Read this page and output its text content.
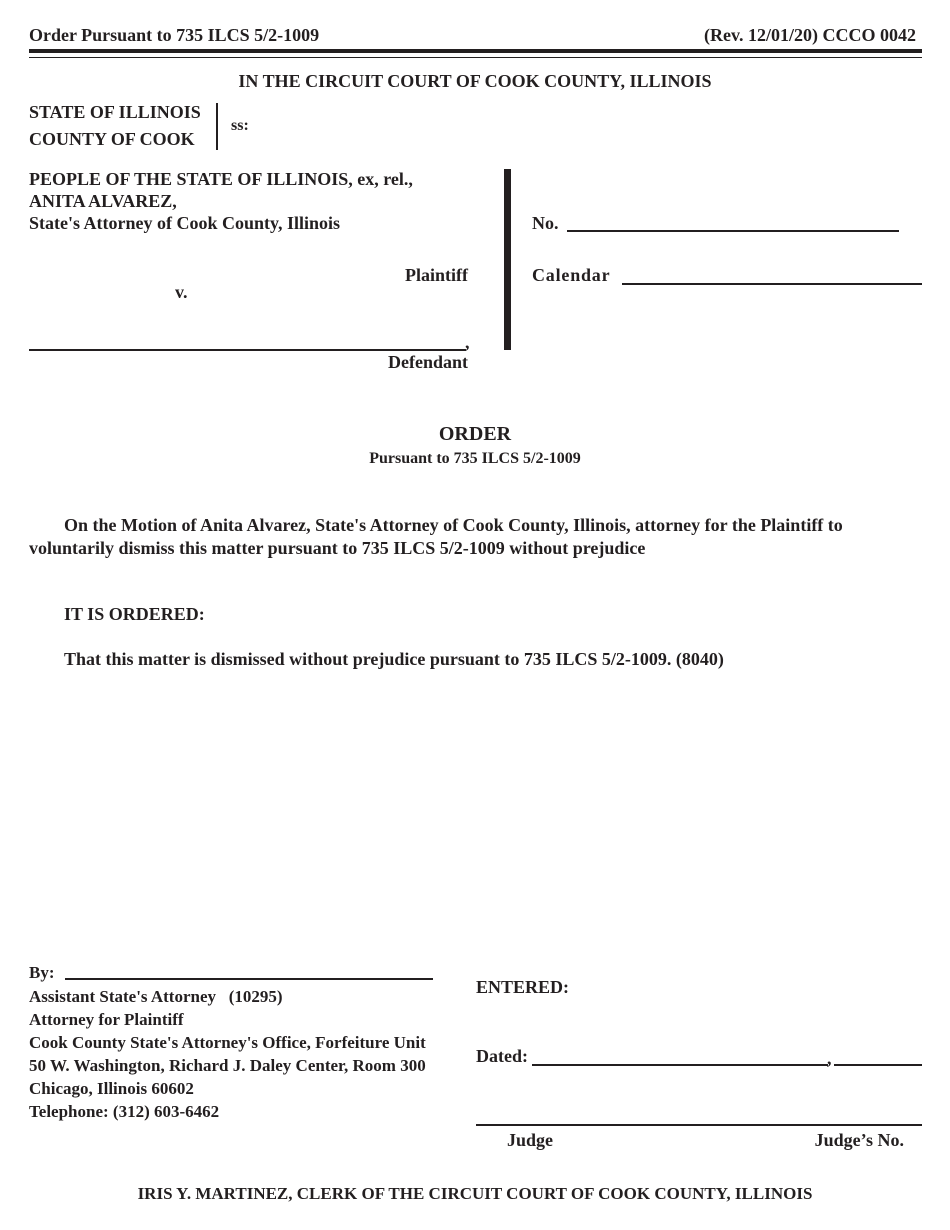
Order Pursuant to 735 ILCS 5/2-1009	(Rev. 12/01/20) CCCO 0042
IN THE CIRCUIT COURT OF COOK COUNTY, ILLINOIS
STATE OF ILLINOIS
COUNTY OF COOK
ss:
PEOPLE OF THE STATE OF ILLINOIS, ex, rel.,
ANITA ALVAREZ,
State's Attorney of Cook County, Illinois
Plaintiff
v.
,
Defendant
No.
Calendar
ORDER
Pursuant to 735 ILCS 5/2-1009
On the Motion of Anita Alvarez, State's Attorney of Cook County, Illinois, attorney for the Plaintiff to
voluntarily dismiss this matter pursuant to 735 ILCS 5/2-1009 without prejudice
IT IS ORDERED:
That this matter is dismissed without prejudice pursuant to 735 ILCS 5/2-1009. (8040)
By:
Assistant State's Attorney   (10295)
Attorney for Plaintiff
Cook County State's Attorney's Office, Forfeiture Unit
50 W. Washington, Richard J. Daley Center, Room 300
Chicago, Illinois 60602
Telephone: (312) 603-6462
ENTERED:
Dated:	,
Judge	Judge’s No.
IRIS Y. MARTINEZ, CLERK OF THE CIRCUIT COURT OF COOK COUNTY, ILLINOIS
